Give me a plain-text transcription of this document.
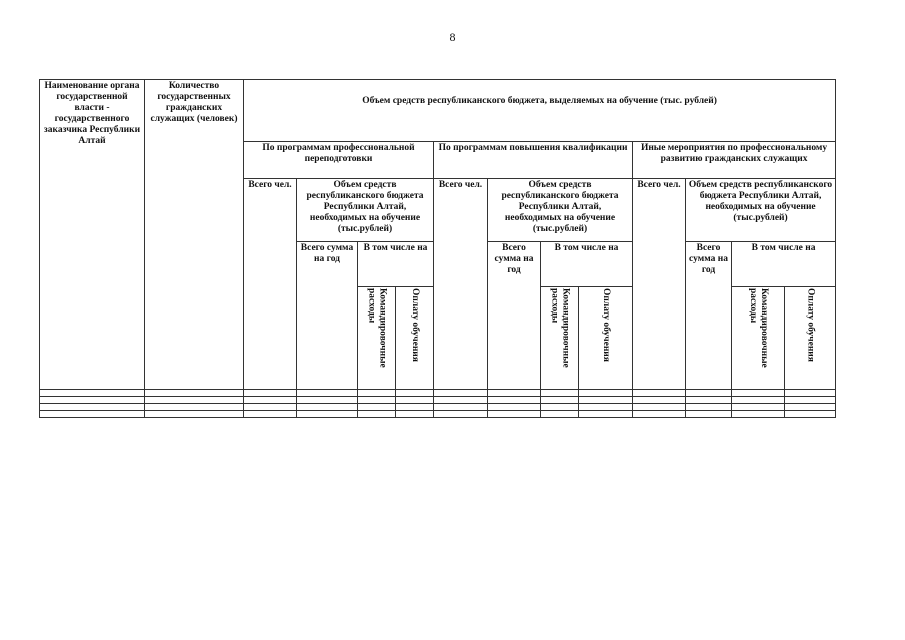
8
Наименование органа государственной власти - государственного заказчика Республики Алтай	Количество государственных гражданских служащих (человек)	Объем средств республиканского бюджета, выделяемых на обучение (тыс. рублей)											
		По программам профессиональной переподготовки				По программам повышения квалификации				Иные мероприятия по профессиональному развитию гражданских служащих			
		Всего чел.	Объем средств республиканского бюджета Республики Алтай, необходимых на обучение (тыс.рублей)			Всего чел.	Объем средств республиканского бюджета Республики Алтай, необходимых на обучение (тыс.рублей)			Всего чел.	Объем средств республиканского бюджета Республики Алтай, необходимых на обучение (тыс.рублей)		
			Всего сумма на год	В том числе на			Всего сумма на год	В том числе на			Всего сумма на год	В том числе на	
				Командировочные расходы	Оплату обучения			Командировочные расходы	Оплату обучения			Командировочные расходы	Оплату обучения
